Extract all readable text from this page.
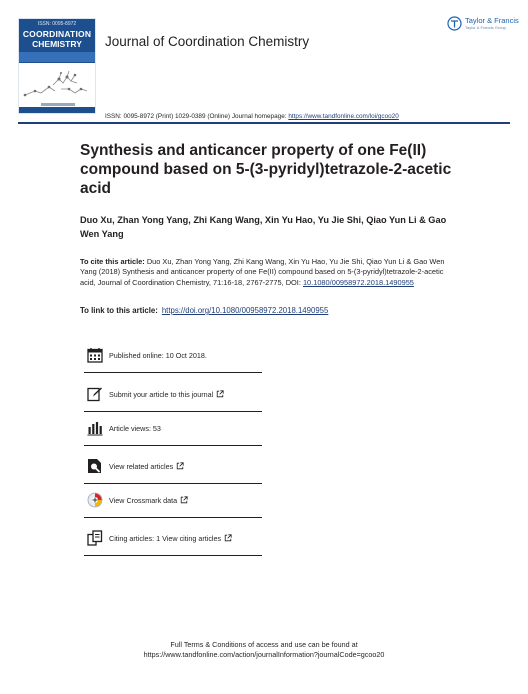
ISSN: 0095-8972
COORDINATION
CHEMISTRY	Journal of Coordination Chemistry
Taylor & Francis
Taylor & Francis Group
ISSN: 0095-8972 (Print) 1029-0389 (Online) Journal homepage: https://www.tandfonline.com/loi/gcoo20
Synthesis and anticancer property of one Fe(II) compound based on 5-(3-pyridyl)tetrazole-2-acetic acid
Duo Xu, Zhan Yong Yang, Zhi Kang Wang, Xin Yu Hao, Yu Jie Shi, Qiao Yun Li & Gao Wen Yang
To cite this article: Duo Xu, Zhan Yong Yang, Zhi Kang Wang, Xin Yu Hao, Yu Jie Shi, Qiao Yun Li & Gao Wen Yang (2018) Synthesis and anticancer property of one Fe(II) compound based on 5-(3-pyridyl)tetrazole-2-acetic acid, Journal of Coordination Chemistry, 71:16-18, 2767-2775, DOI: 10.1080/00958972.2018.1490955
To link to this article: https://doi.org/10.1080/00958972.2018.1490955
Published online: 10 Oct 2018.
Submit your article to this journal
Article views: 53
View related articles
View Crossmark data
Citing articles: 1 View citing articles
Full Terms & Conditions of access and use can be found at
https://www.tandfonline.com/action/journalInformation?journalCode=gcoo20
